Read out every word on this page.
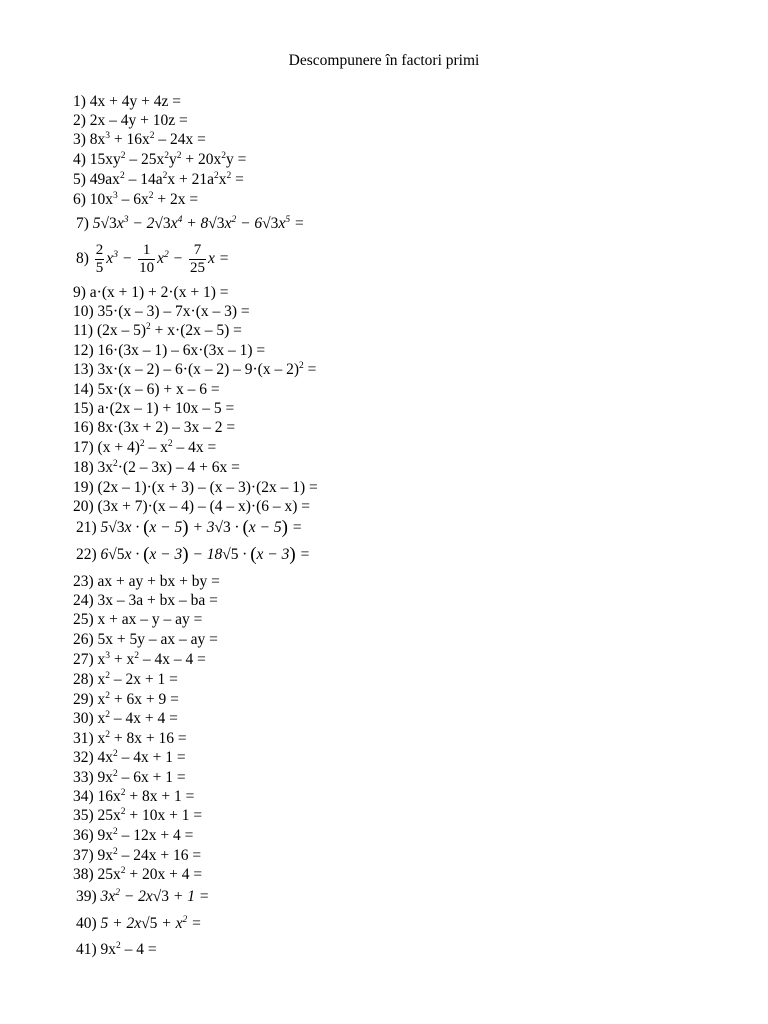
Descompunere în factori primi
1) 4x + 4y + 4z =
2) 2x – 4y + 10z =
3) $8x^3 + 16x^2 - 24x$ =
4) $15xy^2 - 25x^2y^2 + 20x^2y$ =
5) $49ax^2 - 14a^2x + 21a^2x^2$ =
6) $10x^3 - 6x^2 + 2x$ =
7) $5√3x^3 - 2√3x^4 + 8√3x^2 - 6√3x^5$ =
$8) \frac{2}{5} x^3 - \frac{1}{10} x^2 - \frac{7}{25}$ x =
9) a·(x + 1) + 2·(x + 1) =
10) 35·(x – 3) – 7x·(x – 3) =
11) (2x – 5)$^2$ + x·(2x – 5) =
12) 16·(3x – 1) – 6x·(3x – 1) =
13) 3x·(x – 2) – 6·(x – 2) – 9·(x – 2)$^2$ =
14) 5x·(x – 6) + x – 6 =
15) a·(2x – 1) + 10x – 5 =
16) 8x·(3x + 2) – 3x – 2 =
17) $(x + 4)^2 - x^2 - 4x$ =
18) $3x^2\cdot(2 - 3x) - 4 + 6x$ =
19) (2x – 1)·(x + 3) – (x – 3)·(2x – 1) =
20) (3x + 7)·(x – 4) – (4 – x)·(6 – x) =
21) 5√3x · (x − 5) + 3√3 · (x − 5) =
22) 6√5x · (x − 3) − 18√5 · (x − 3) =
23) ax + ay + bx + by =
24) 3x – 3a + bx – ba =
25) x + ax – y – ay =
26) 5x + 5y – ax – ay =
27) $x^3 + x^2 - 4x - 4$ =
28) $x^2 - 2x + 1$ =
29) $x^2 + 6x + 9$ =
30) $x^2 - 4x + 4$ =
31) $x^2 + 8x + 16$ =
32) $4x^2 - 4x + 1$ =
33) $9x^2 - 6x + 1$ =
34) $16x^2 + 8x + 1$ =
35) $25x^2 + 10x + 1$ =
36) $9x^2 - 12x + 4$ =
37) $9x^2 - 24x + 16$ =
38) $25x^2 + 20x + 4$ =
39) $3x^2 - 2x√3 + 1$ =
40) $5 + 2x√5 + x^2$ =
41) $9x^2 - 4$ =
